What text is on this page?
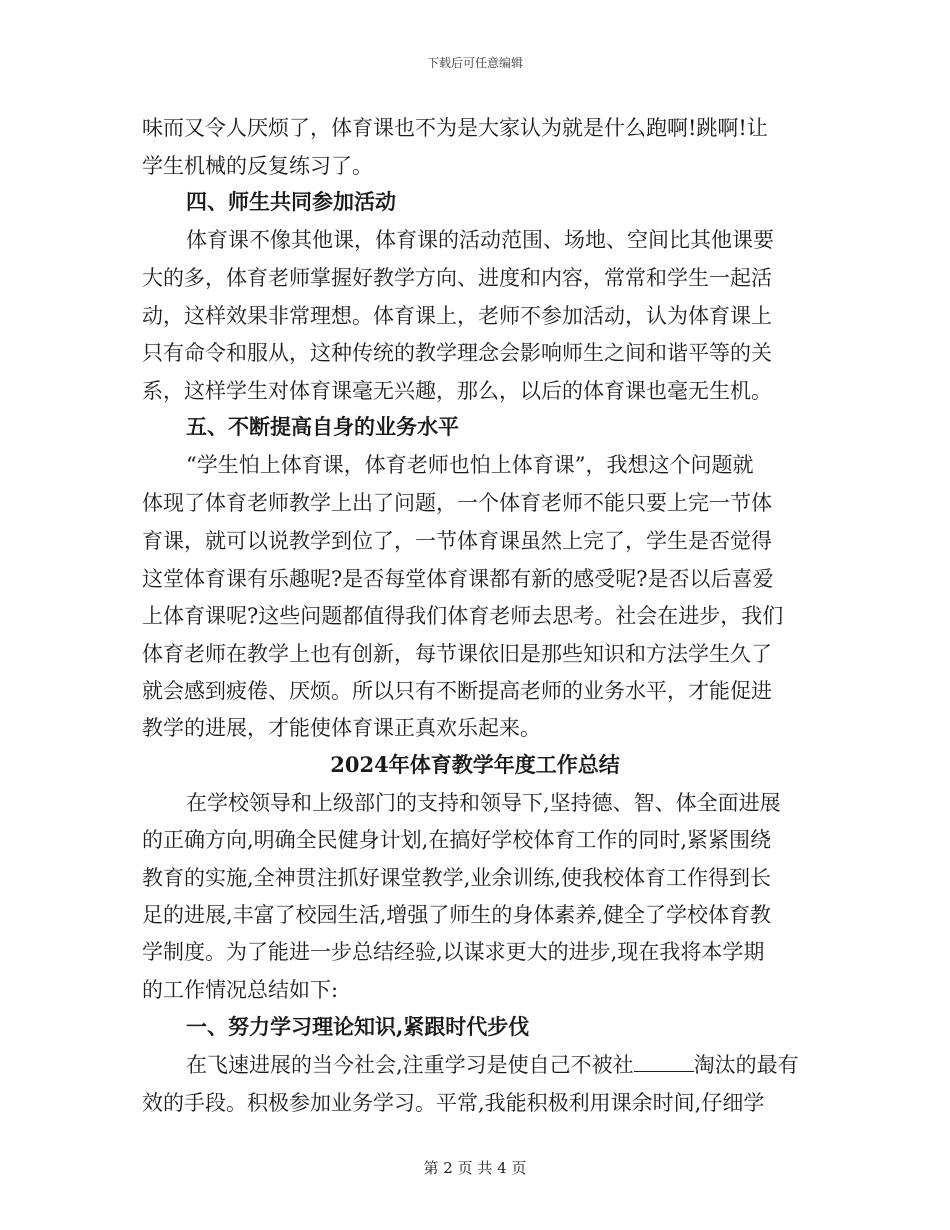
下载后可任意编辑
味而又令人厌烦了，体育课也不为是大家认为就是什么跑啊!跳啊!让
学生机械的反复练习了。
四、师生共同参加活动
体育课不像其他课，体育课的活动范围、场地、空间比其他课要
大的多，体育老师掌握好教学方向、进度和内容，常常和学生一起活
动，这样效果非常理想。体育课上，老师不参加活动，认为体育课上
只有命令和服从，这种传统的教学理念会影响师生之间和谐平等的关
系，这样学生对体育课毫无兴趣，那么，以后的体育课也毫无生机。
五、不断提高自身的业务水平
“学生怕上体育课，体育老师也怕上体育课”，我想这个问题就
体现了体育老师教学上出了问题，一个体育老师不能只要上完一节体
育课，就可以说教学到位了，一节体育课虽然上完了，学生是否觉得
这堂体育课有乐趣呢?是否每堂体育课都有新的感受呢?是否以后喜爱
上体育课呢?这些问题都值得我们体育老师去思考。社会在进步，我们
体育老师在教学上也有创新，每节课依旧是那些知识和方法学生久了
就会感到疲倦、厌烦。所以只有不断提高老师的业务水平，才能促进
教学的进展，才能使体育课正真欢乐起来。
2024年体育教学年度工作总结
在学校领导和上级部门的支持和领导下,坚持德、智、体全面进展
的正确方向,明确全民健身计划,在搞好学校体育工作的同时,紧紧围绕
教育的实施,全神贯注抓好课堂教学,业余训练,使我校体育工作得到长
足的进展,丰富了校园生活,增强了师生的身体素养,健全了学校体育教
学制度。为了能进一步总结经验,以谋求更大的进步,现在我将本学期
的工作情况总结如下:
一、努力学习理论知识,紧跟时代步伐
在飞速进展的当今社会,注重学习是使自己不被社	淘汰的最有
效的手段。积极参加业务学习。平常,我能积极利用课余时间,仔细学
第 2 页 共 4 页
